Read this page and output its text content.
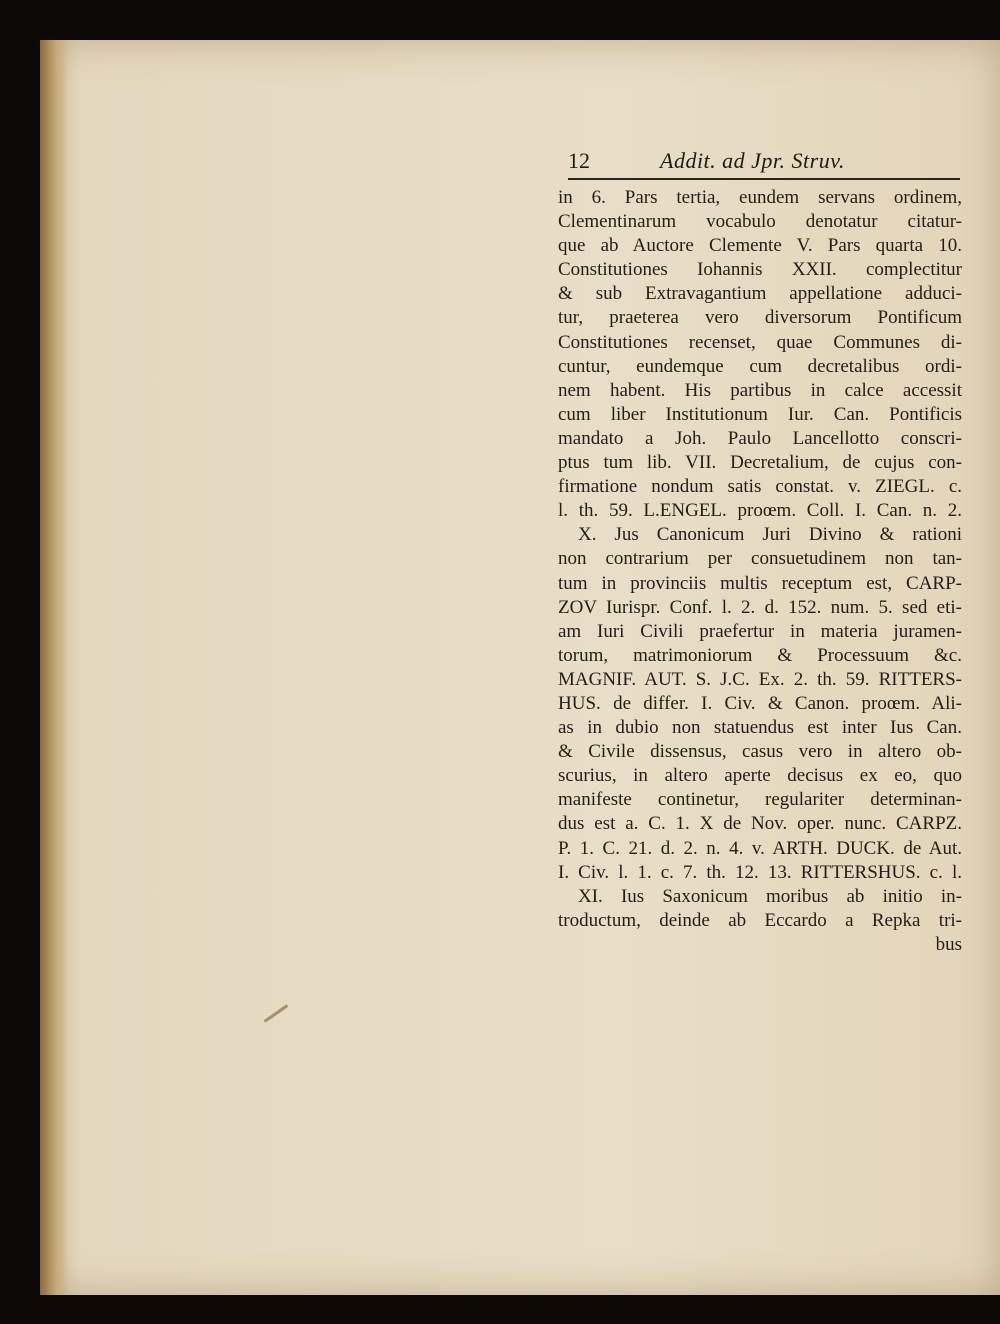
12	Addit. ad Jpr. Struv.
in 6. Pars tertia, eundem servans ordinem,
Clementinarum vocabulo denotatur citatur-
que ab Auctore Clemente V. Pars quarta 10.
Constitutiones Iohannis XXII. complectitur
& sub Extravagantium appellatione adduci-
tur, praeterea vero diversorum Pontificum
Constitutiones recenset, quae Communes di-
cuntur, eundemque cum decretalibus ordi-
nem habent. His partibus in calce accessit
cum liber Institutionum Iur. Can. Pontificis
mandato a Joh. Paulo Lancellotto conscri-
ptus tum lib. VII. Decretalium, de cujus con-
firmatione nondum satis constat. v. ZIEGL. c.
l. th. 59. L.ENGEL. proœm. Coll. I. Can. n. 2.
X. Jus Canonicum Juri Divino & rationi
non contrarium per consuetudinem non tan-
tum in provinciis multis receptum est, CARP-
ZOV Iurispr. Conf. l. 2. d. 152. num. 5. sed eti-
am Iuri Civili praefertur in materia juramen-
torum, matrimoniorum & Processuum &c.
MAGNIF. AUT. S. J.C. Ex. 2. th. 59. RITTERS-
HUS. de differ. I. Civ. & Canon. proœm. Ali-
as in dubio non statuendus est inter Ius Can.
& Civile dissensus, casus vero in altero ob-
scurius, in altero aperte decisus ex eo, quo
manifeste continetur, regulariter determinan-
dus est a. C. 1. X de Nov. oper. nunc. CARPZ.
P. 1. C. 21. d. 2. n. 4. v. ARTH. DUCK. de Aut.
I. Civ. l. 1. c. 7. th. 12. 13. RITTERSHUS. c. l.
XI. Ius Saxonicum moribus ab initio in-
troductum, deinde ab Eccardo a Repka tri-
bus
